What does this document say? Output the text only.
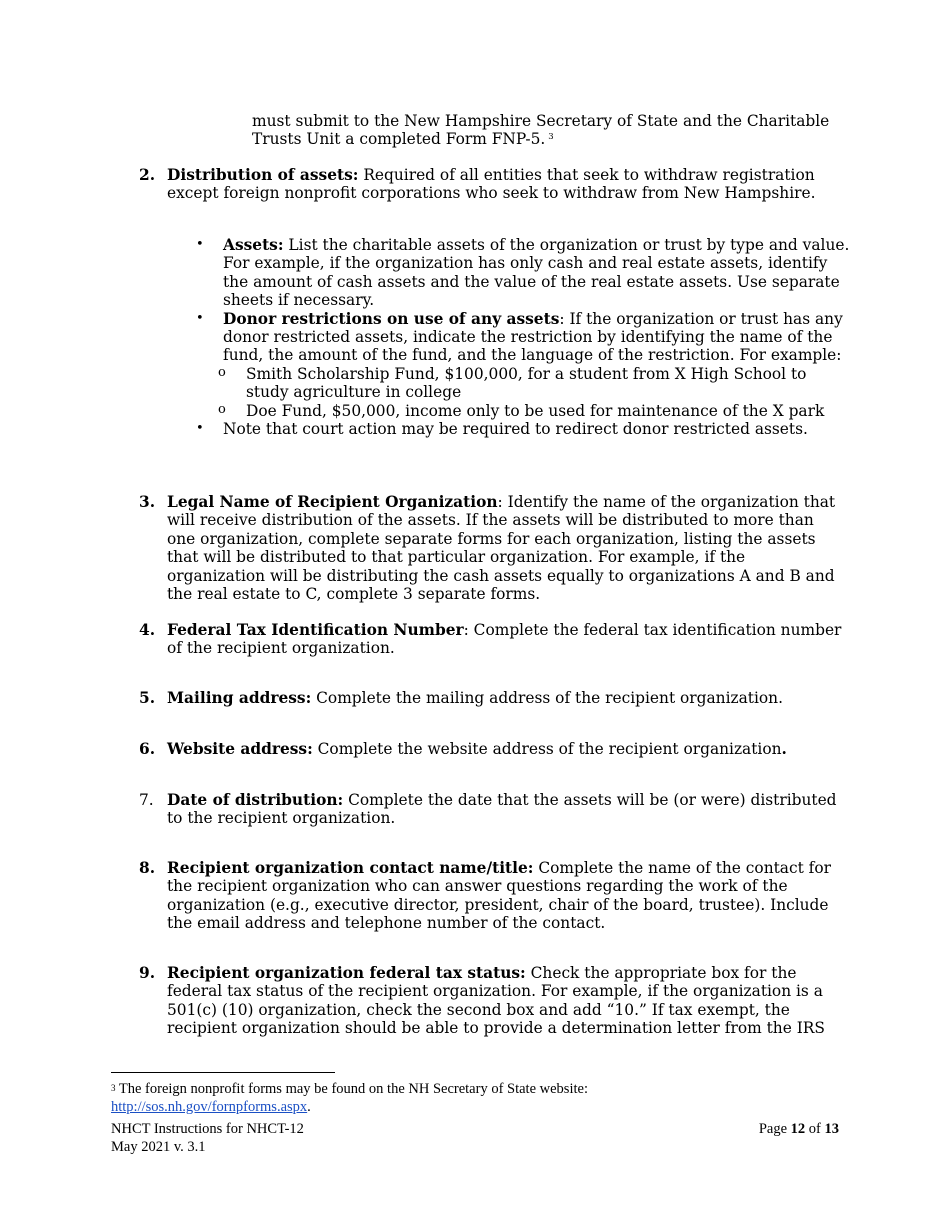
must submit to the New Hampshire Secretary of State and the Charitable Trusts Unit a completed Form FNP-5. $^3$
2. Distribution of assets: Required of all entities that seek to withdraw registration except foreign nonprofit corporations who seek to withdraw from New Hampshire.
• Assets: List the charitable assets of the organization or trust by type and value. For example, if the organization has only cash and real estate assets, identify the amount of cash assets and the value of the real estate assets. Use separate sheets if necessary.
• Donor restrictions on use of any assets: If the organization or trust has any donor restricted assets, indicate the restriction by identifying the name of the fund, the amount of the fund, and the language of the restriction. For example:
o Smith Scholarship Fund, $100,000, for a student from X High School to study agriculture in college
o Doe Fund, $50,000, income only to be used for maintenance of the X park
• Note that court action may be required to redirect donor restricted assets.
3. Legal Name of Recipient Organization: Identify the name of the organization that will receive distribution of the assets. If the assets will be distributed to more than one organization, complete separate forms for each organization, listing the assets that will be distributed to that particular organization. For example, if the organization will be distributing the cash assets equally to organizations A and B and the real estate to C, complete 3 separate forms.
4. Federal Tax Identification Number: Complete the federal tax identification number of the recipient organization.
5. Mailing address: Complete the mailing address of the recipient organization.
6. Website address: Complete the website address of the recipient organization.
7. Date of distribution: Complete the date that the assets will be (or were) distributed to the recipient organization.
8. Recipient organization contact name/title: Complete the name of the contact for the recipient organization who can answer questions regarding the work of the organization (e.g., executive director, president, chair of the board, trustee). Include the email address and telephone number of the contact.
9. Recipient organization federal tax status: Check the appropriate box for the federal tax status of the recipient organization. For example, if the organization is a 501(c) (10) organization, check the second box and add “10.” If tax exempt, the recipient organization should be able to provide a determination letter from the IRS
$^3$ The foreign nonprofit forms may be found on the NH Secretary of State website:
http://sos.nh.gov/fornpforms.aspx.
NHCT Instructions for NHCT-12
May 2021 v. 3.1
Page 12 of 13
